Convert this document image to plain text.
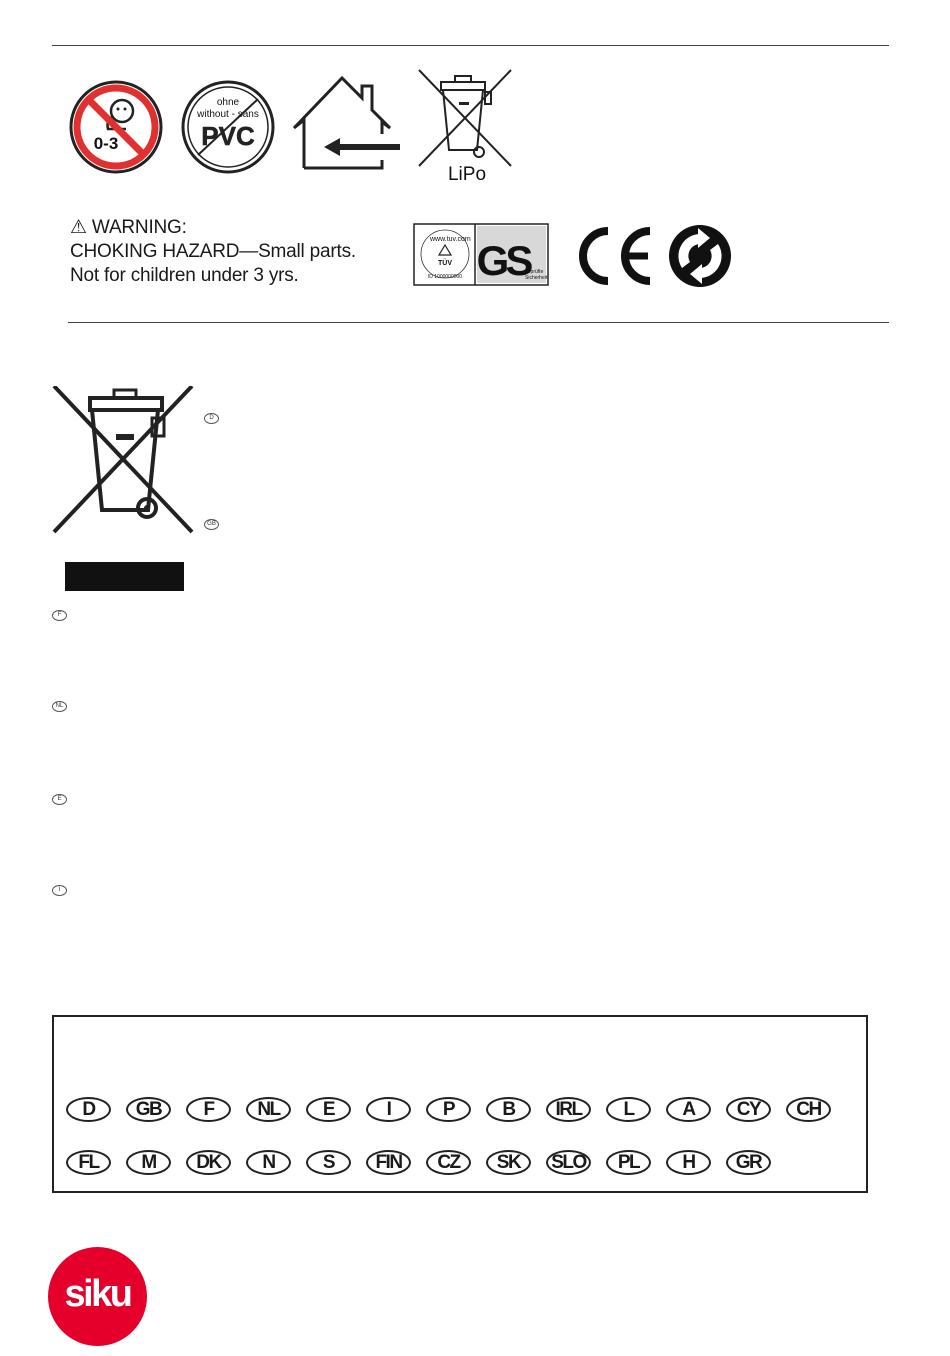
0-3
ohne
without - sans
PVC
LiPo
⚠ WARNING:
CHOKING HAZARD—Small parts.
Not for children under 3 yrs.
www.tuv.com
TÜV
ID 1000000000 GS
geprüfte
Sicherheit
D
GB
F
NL
E
I
D	GB	F	NL	E	I	P	B	IRL	L	A	CY	CH
FL	M	DK	N	S	FIN	CZ	SK	SLO	PL	H	GR
siku
